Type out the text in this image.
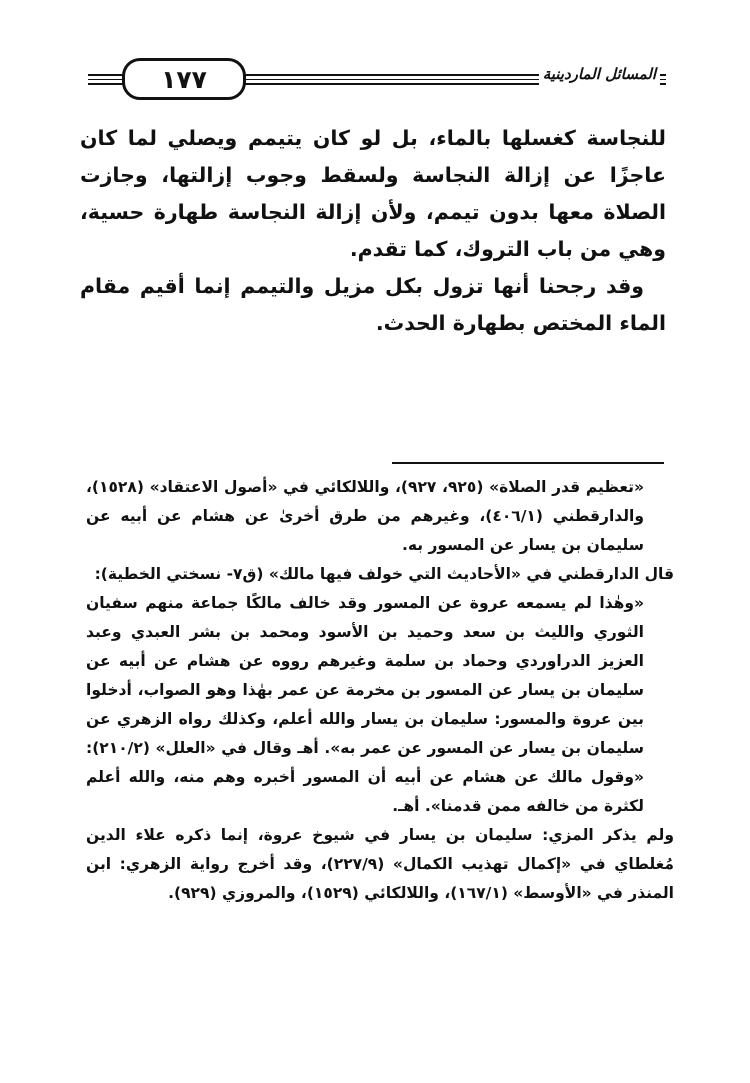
١٧٧	المسائل الماردينية

للنجاسة كغسلها بالماء، بل لو كان يتيمم ويصلي لما كان عاجزًا عن إزالة النجاسة ولسقط وجوب إزالتها، وجازت الصلاة معها بدون تيمم، ولأن إزالة النجاسة طهارة حسية، وهي من باب التروك، كما تقدم.

وقد رجحنا أنها تزول بكل مزيل والتيمم إنما أقيم مقام الماء المختص بطهارة الحدث.

«تعظيم قدر الصلاة» (٩٢٥، ٩٢٧)، واللالكائي في «أصول الاعتقاد» (١٥٢٨)، والدارقطني (٤٠٦/١)، وغيرهم من طرق أخرىٰ عن هشام عن أبيه عن سليمان بن يسار عن المسور به.

قال الدارقطني في «الأحاديث التي خولف فيها مالك» (ق٧- نسختي الخطية):

«وهٰذا لم يسمعه عروة عن المسور وقد خالف مالكًا جماعة منهم سفيان الثوري والليث بن سعد وحميد بن الأسود ومحمد بن بشر العبدي وعبد العزيز الدراوردي وحماد بن سلمة وغيرهم رووه عن هشام عن أبيه عن سليمان بن يسار عن المسور بن مخرمة عن عمر بهٰذا وهو الصواب، أدخلوا بين عروة والمسور: سليمان بن يسار والله أعلم، وكذلك رواه الزهري عن سليمان بن يسار عن المسور عن عمر به». أهـ وقال في «العلل» (٢١٠/٢): «وقول مالك عن هشام عن أبيه أن المسور أخبره وهم منه، والله أعلم لكثرة من خالفه ممن قدمنا». أهـ.

ولم يذكر المزي: سليمان بن يسار في شيوخ عروة، إنما ذكره علاء الدين مُغلطاي في «إكمال تهذيب الكمال» (٢٢٧/٩)، وقد أخرج رواية الزهري: ابن المنذر في «الأوسط» (١٦٧/١)، واللالكائي (١٥٢٩)، والمروزي (٩٢٩).
